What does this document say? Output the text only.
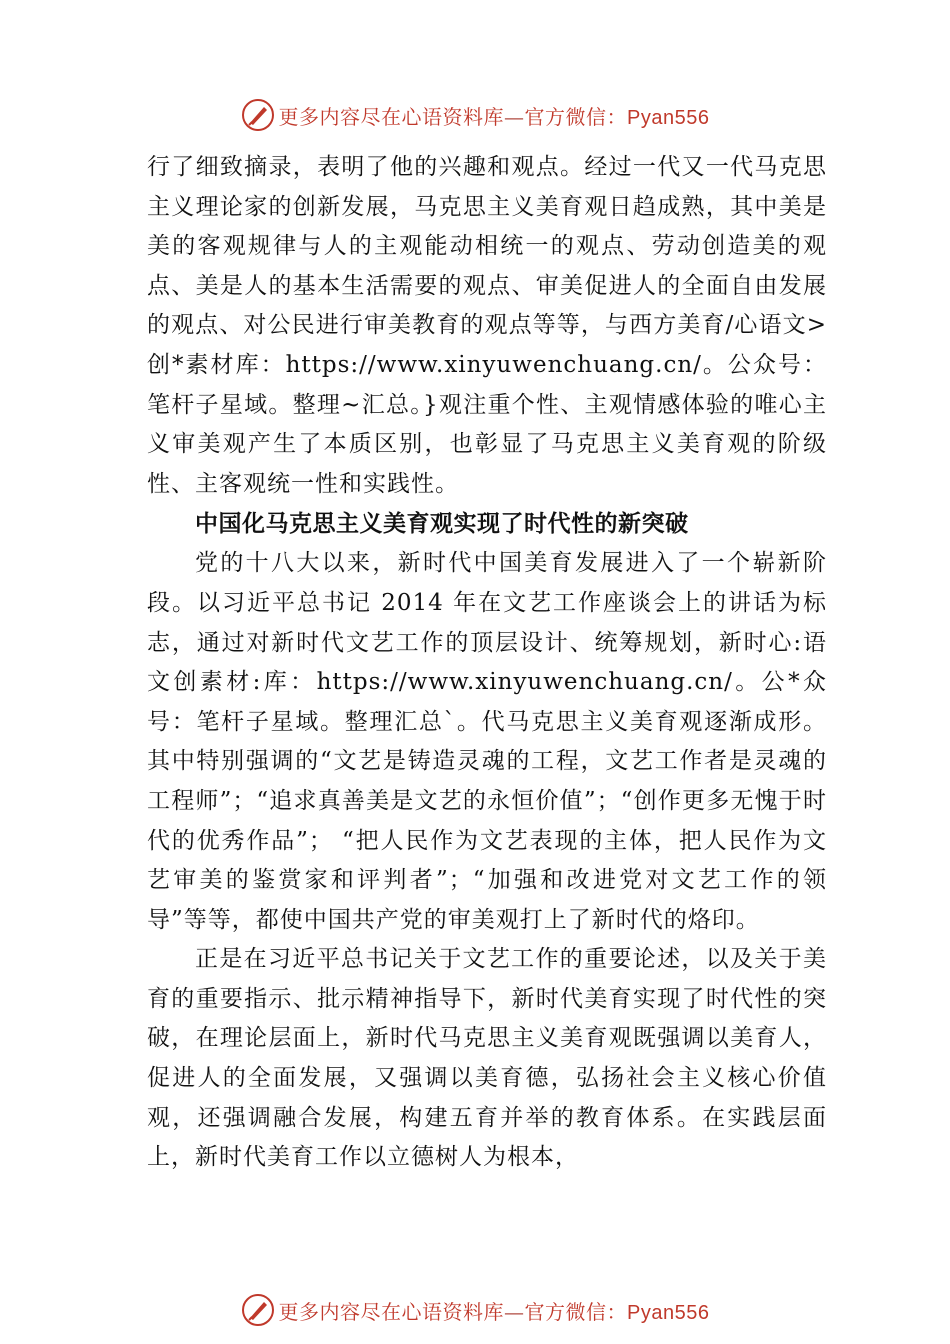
更多内容尽在心语资料库—官方微信：Pyan556

行了细致摘录，表明了他的兴趣和观点。经过一代又一代马克思主义理论家的创新发展，马克思主义美育观日趋成熟，其中美是美的客观规律与人的主观能动相统一的观点、劳动创造美的观点、美是人的基本生活需要的观点、审美促进人的全面自由发展的观点、对公民进行审美教育的观点等等，与西方美育/心语文>创*素材库：https://www.xinyuwenchuang.cn/。公众号：笔杆子星域。整理~汇总。}观注重个性、主观情感体验的唯心主义审美观产生了本质区别，也彰显了马克思主义美育观的阶级性、主客观统一性和实践性。

中国化马克思主义美育观实现了时代性的新突破

党的十八大以来，新时代中国美育发展进入了一个崭新阶段。以习近平总书记 2014 年在文艺工作座谈会上的讲话为标志，通过对新时代文艺工作的顶层设计、统筹规划，新时心:语文创素材:库：https://www.xinyuwenchuang.cn/。公*众号：笔杆子星域。整理汇总`。代马克思主义美育观逐渐成形。其中特别强调的“文艺是铸造灵魂的工程，文艺工作者是灵魂的工程师”；“追求真善美是文艺的永恒价值”；“创作更多无愧于时代的优秀作品”； “把人民作为文艺表现的主体，把人民作为文艺审美的鉴赏家和评判者”；“加强和改进党对文艺工作的领导”等等，都使中国共产党的审美观打上了新时代的烙印。

正是在习近平总书记关于文艺工作的重要论述，以及关于美育的重要指示、批示精神指导下，新时代美育实现了时代性的突破，在理论层面上，新时代马克思主义美育观既强调以美育人，促进人的全面发展，又强调以美育德，弘扬社会主义核心价值观，还强调融合发展，构建五育并举的教育体系。在实践层面上，新时代美育工作以立德树人为根本，

更多内容尽在心语资料库—官方微信：Pyan556
